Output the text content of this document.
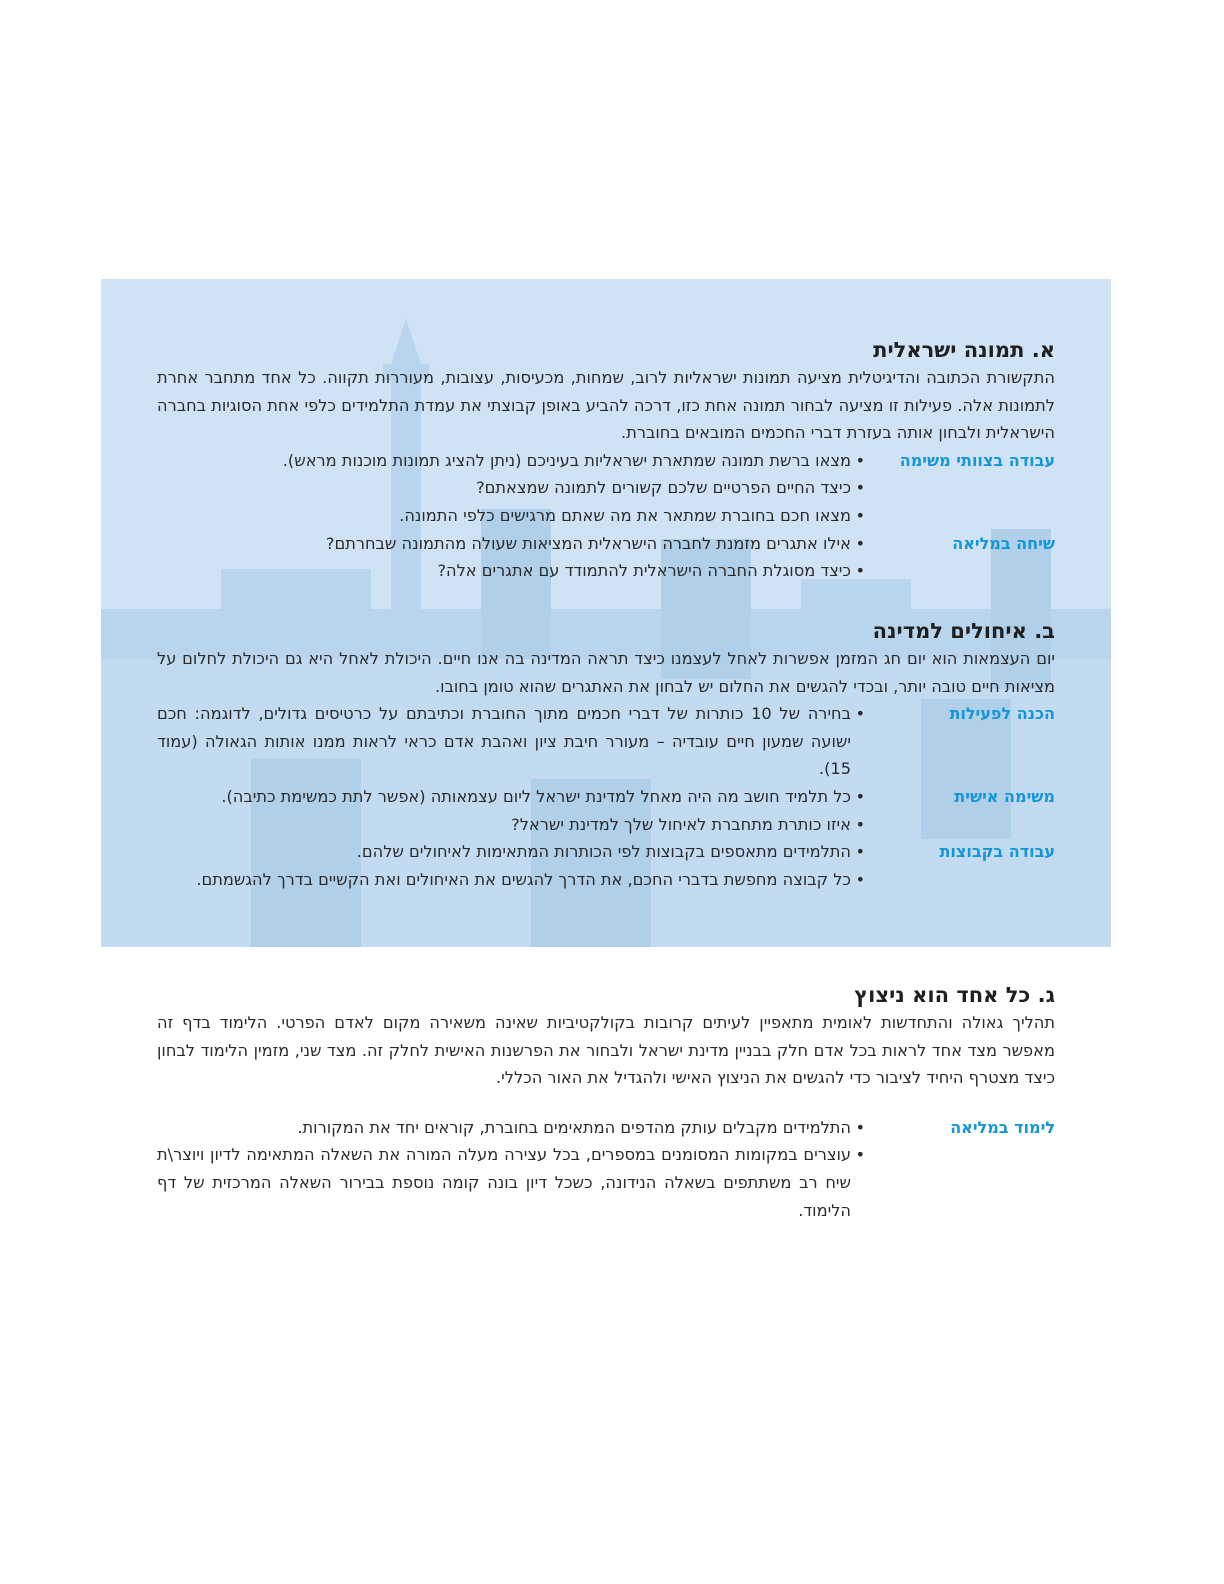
א. תמונה ישראלית

התקשורת הכתובה והדיגיטלית מציעה תמונות ישראליות לרוב, שמחות, מכעיסות, עצובות, מעוררות תקווה. כל אחד מתחבר אחרת לתמונות אלה. פעילות זו מציעה לבחור תמונה אחת כזו, דרכה להביע באופן קבוצתי את עמדת התלמידים כלפי אחת הסוגיות בחברה הישראלית ולבחון אותה בעזרת דברי החכמים המובאים בחוברת.

עבודה בצוותי משימה
•
מצאו ברשת תמונה שמתארת ישראליות בעיניכם (ניתן להציג תמונות מוכנות מראש).
•
כיצד החיים הפרטיים שלכם קשורים לתמונה שמצאתם?
•
מצאו חכם בחוברת שמתאר את מה שאתם מרגישים כלפי התמונה.
שיחה במליאה
•
אילו אתגרים מזמנת לחברה הישראלית המציאות שעולה מהתמונה שבחרתם?
•
כיצד מסוגלת החברה הישראלית להתמודד עם אתגרים אלה?
ב. איחולים למדינה

יום העצמאות הוא יום חג המזמן אפשרות לאחל לעצמנו כיצד תראה המדינה בה אנו חיים. היכולת לאחל היא גם היכולת לחלום על מציאות חיים טובה יותר, ובכדי להגשים את החלום יש לבחון את האתגרים שהוא טומן בחובו.

הכנה לפעילות
•
בחירה של 10 כותרות של דברי חכמים מתוך החוברת וכתיבתם על כרטיסים גדולים, לדוגמה: חכם ישועה שמעון חיים עובדיה – מעורר חיבת ציון ואהבת אדם כראי לראות ממנו אותות הגאולה (עמוד 15).
משימה אישית
•
כל תלמיד חושב מה היה מאחל למדינת ישראל ליום עצמאותה (אפשר לתת כמשימת כתיבה).
•
איזו כותרת מתחברת לאיחול שלך למדינת ישראל?
עבודה בקבוצות
•
התלמידים מתאספים בקבוצות לפי הכותרות המתאימות לאיחולים שלהם.
•
כל קבוצה מחפשת בדברי החכם, את הדרך להגשים את האיחולים ואת הקשיים בדרך להגשמתם.
ג. כל אחד הוא ניצוץ

תהליך גאולה והתחדשות לאומית מתאפיין לעיתים קרובות בקולקטיביות שאינה משאירה מקום לאדם הפרטי. הלימוד בדף זה מאפשר מצד אחד לראות בכל אדם חלק בבניין מדינת ישראל ולבחור את הפרשנות האישית לחלק זה. מצד שני, מזמין הלימוד לבחון כיצד מצטרף היחיד לציבור כדי להגשים את הניצוץ האישי ולהגדיל את האור הכללי.

לימוד במליאה
•
התלמידים מקבלים עותק מהדפים המתאימים בחוברת, קוראים יחד את המקורות.
•
עוצרים במקומות המסומנים במספרים, בכל עצירה מעלה המורה את השאלה המתאימה לדיון ויוצר\ת שיח רב משתתפים בשאלה הנידונה, כשכל דיון בונה קומה נוספת בבירור השאלה המרכזית של דף הלימוד.
